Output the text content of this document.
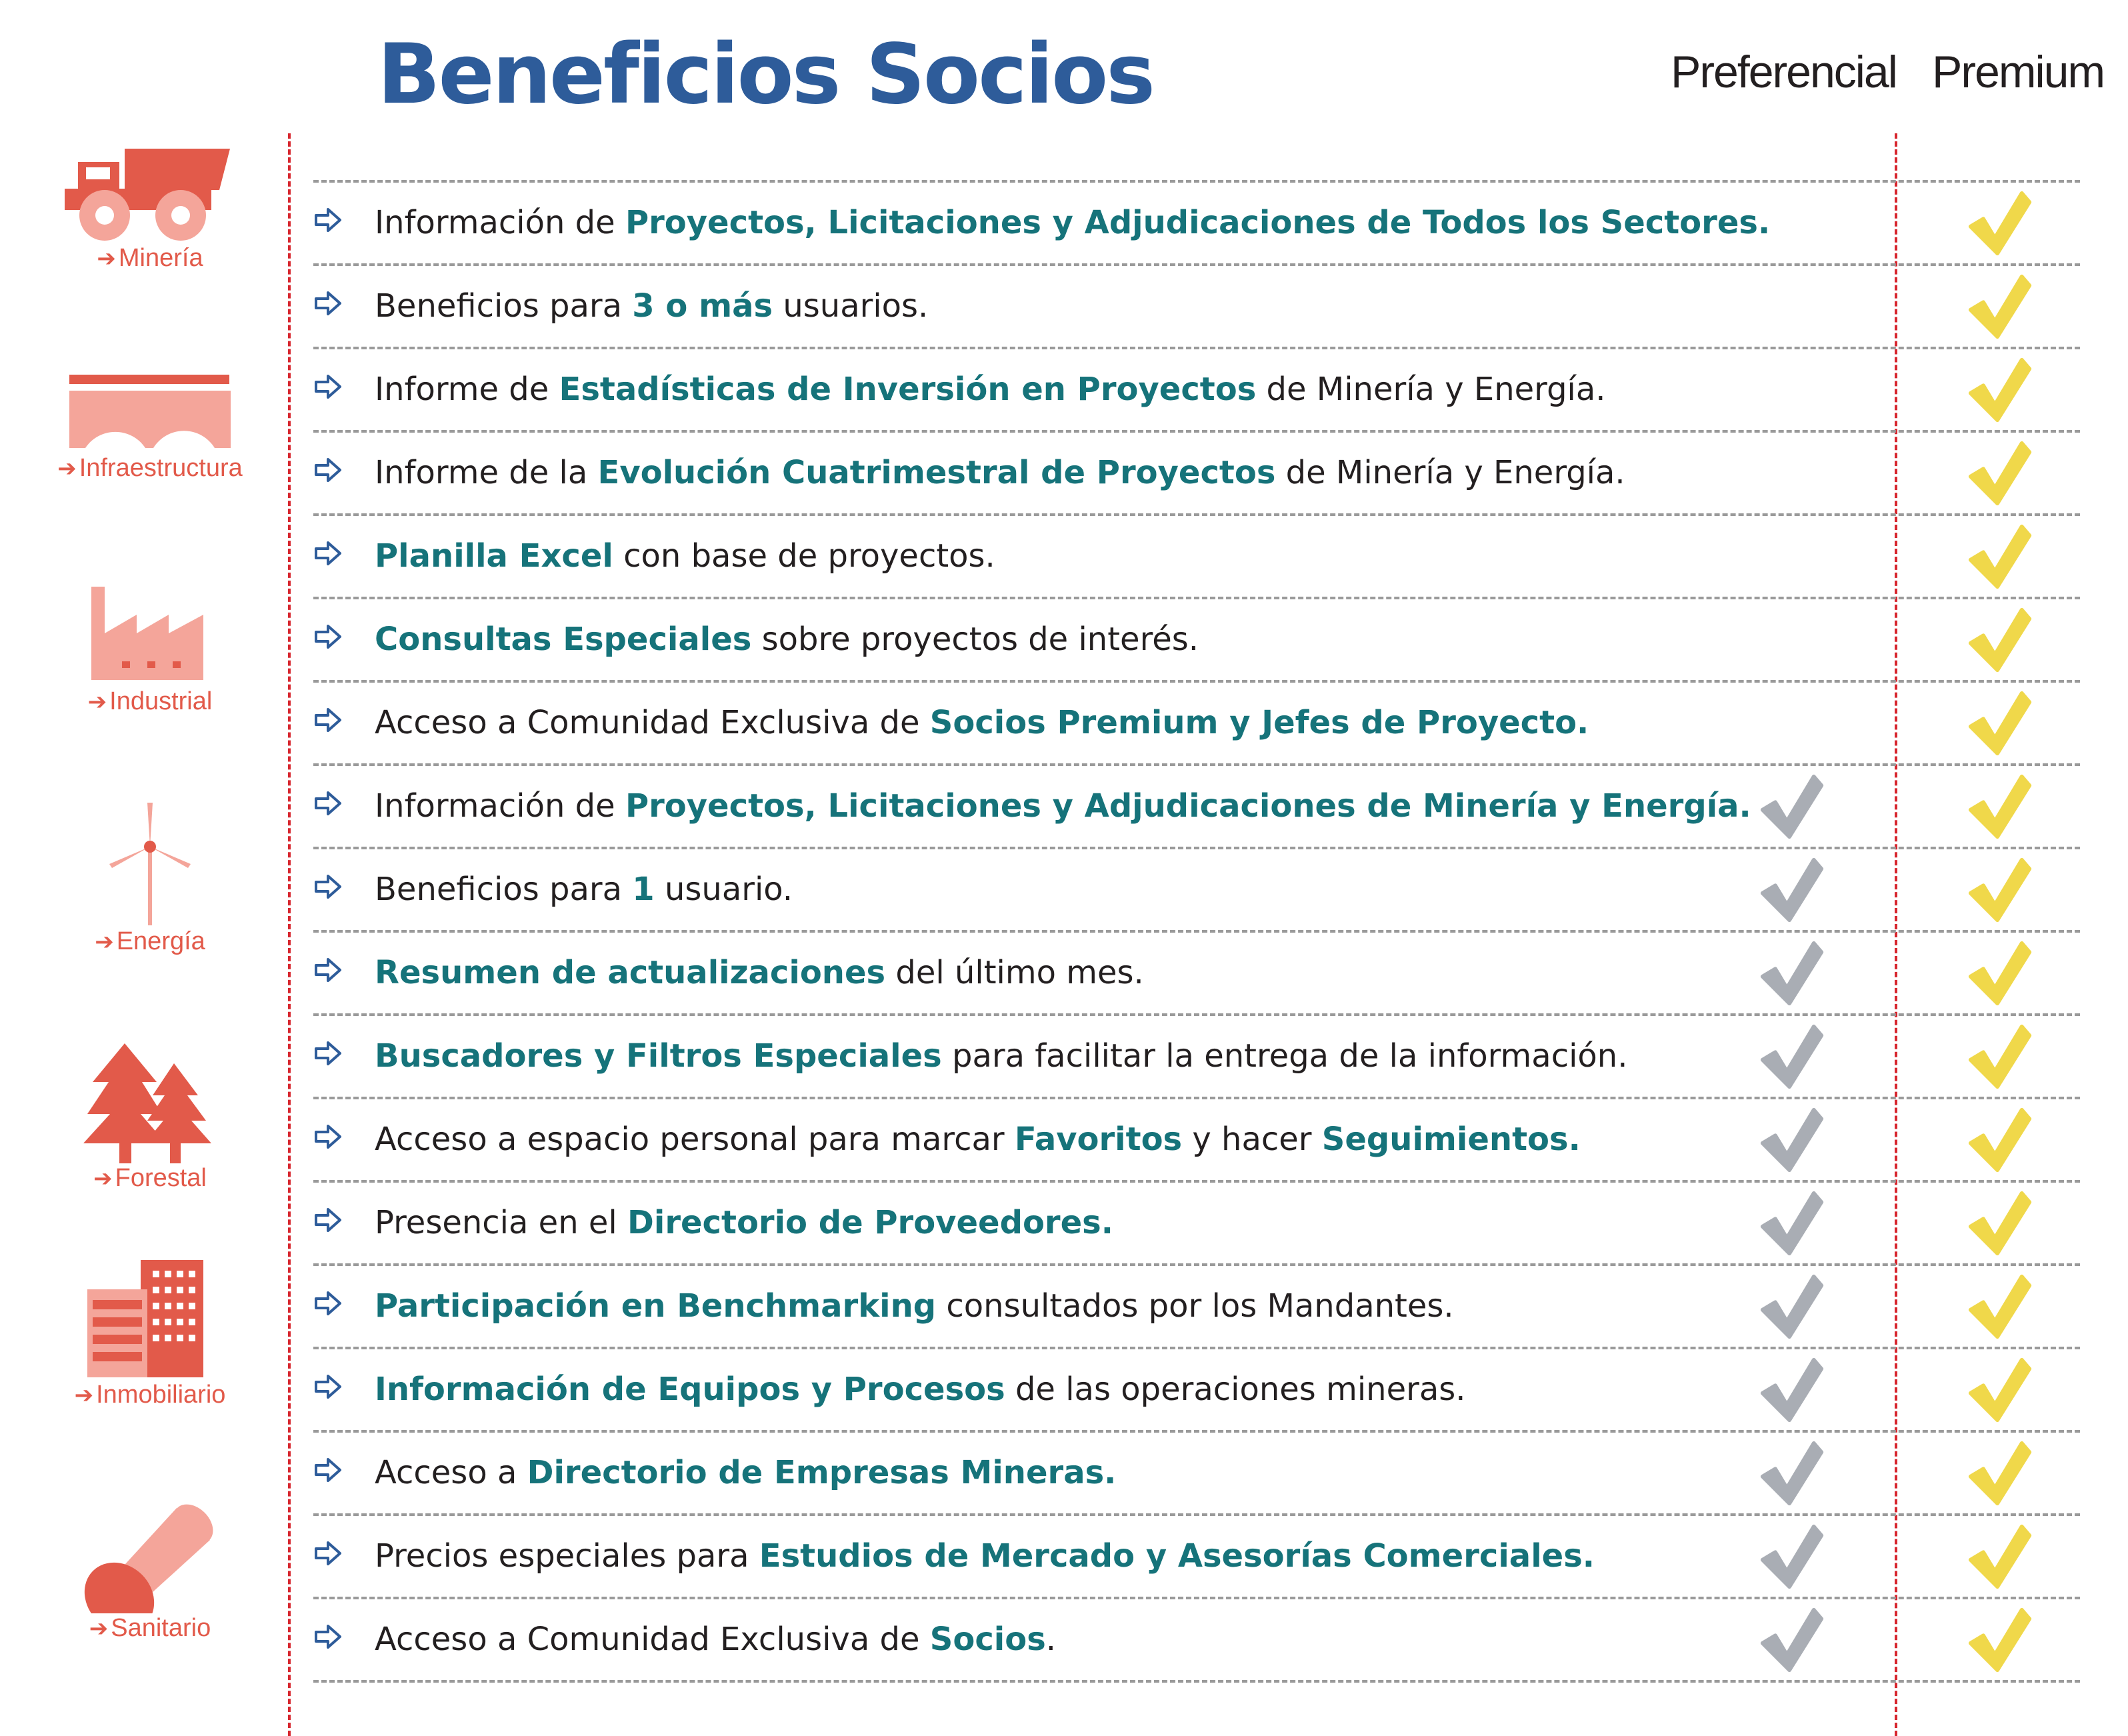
Beneficios Socios	Preferencial Premium
➔ Minería
➔ Infraestructura
➔ Industrial
➔ Energía
➔ Forestal
➔ Inmobiliario
➔ Sanitario
Información de Proyectos, Licitaciones y Adjudicaciones de Todos los Sectores.
Beneficios para 3 o más usuarios.
Informe de Estadísticas de Inversión en Proyectos de Minería y Energía.
Informe de la Evolución Cuatrimestral de Proyectos de Minería y Energía.
Planilla Excel con base de proyectos.
Consultas Especiales sobre proyectos de interés.
Acceso a Comunidad Exclusiva de Socios Premium y Jefes de Proyecto.
Información de Proyectos, Licitaciones y Adjudicaciones de Minería y Energía.
Beneficios para 1 usuario.
Resumen de actualizaciones del último mes.
Buscadores y Filtros Especiales para facilitar la entrega de la información.
Acceso a espacio personal para marcar Favoritos y hacer Seguimientos.
Presencia en el Directorio de Proveedores.
Participación en Benchmarking consultados por los Mandantes.
Información de Equipos y Procesos de las operaciones mineras.
Acceso a Directorio de Empresas Mineras.
Precios especiales para Estudios de Mercado y Asesorías Comerciales.
Acceso a Comunidad Exclusiva de Socios.
